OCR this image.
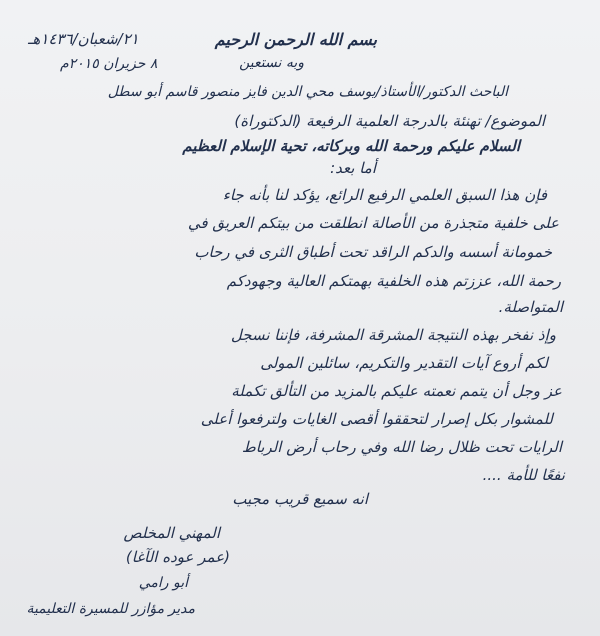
بسم الله الرحمن الرحيم
٢١/شعبان/١٤٣٦هـ
وبه نستعين
٨ حزيران ٢٠١٥م
الباحث الدكتور/الأستاذ/يوسف محي الدين فايز منصور قاسم أبو سطل
الموضوع/ تهنئة بالدرجة العلمية الرفيعة (الدكتوراة)
السلام عليكم ورحمة الله وبركاته، تحية الإسلام العظيم
أما بعد:
فإن هذا السبق العلمي الرفيع الرائع، يؤكد لنا بأنه جاء
على خلفية متجذرة من الأصالة انطلقت من بيتكم العريق في
خمومانة أسسه والدكم الراقد تحت أطباق الثرى في رحاب
رحمة الله، عززتم هذه الخلفية بهمتكم العالية وجهودكم
المتواصلة.
وإذ نفخر بهذه النتيجة المشرقة المشرفة، فإننا نسجل
لكم أروع آيات التقدير والتكريم، سائلين المولى
عز وجل أن يتمم نعمته عليكم بالمزيد من التألق تكملة
للمشوار بكل إصرار لتحققوا أقصى الغايات ولترفعوا أعلى
الرايات تحت ظلال رضا الله وفي رحاب أرض الرباط
نفعًا للأمة ....
انه سميع قريب مجيب
المهني المخلص
(عمر عوده الآغا)
أبو رامي
مدير مؤازر للمسيرة التعليمية
